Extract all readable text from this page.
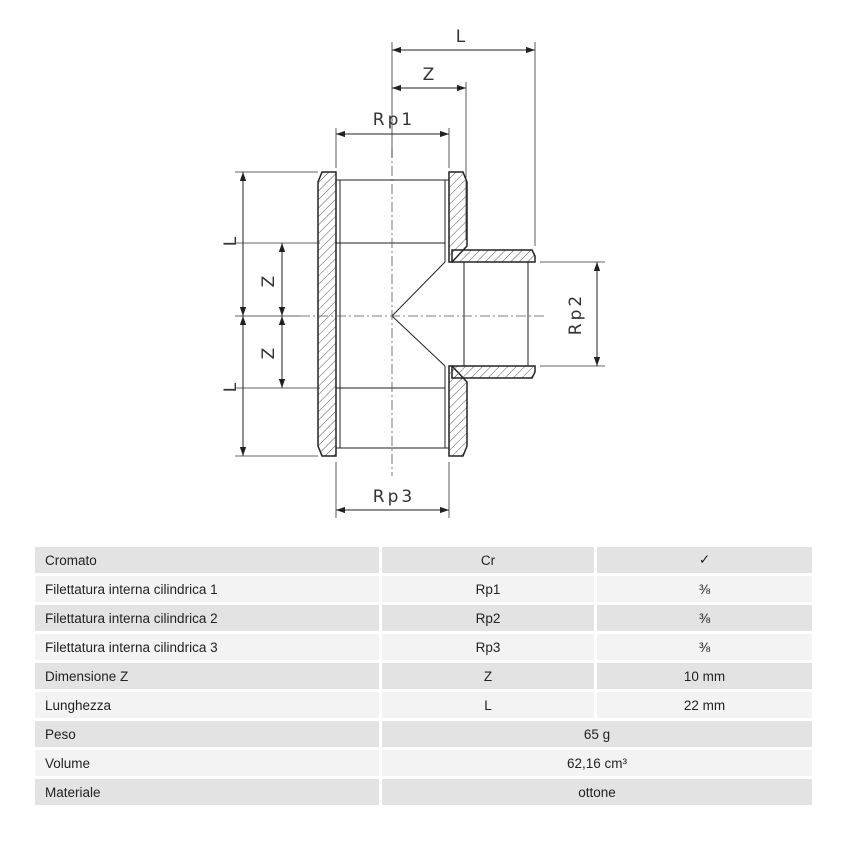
L
Z
Rp1
L
Z
Z
L
Rp2
Rp3
Cromato	Cr	✓
Filettatura interna cilindrica 1	Rp1	⅜
Filettatura interna cilindrica 2	Rp2	⅜
Filettatura interna cilindrica 3	Rp3	⅜
Dimensione Z	Z	10 mm
Lunghezza	L	22 mm
Peso	65 g	
Volume	62,16 cm³	
Materiale	ottone	
